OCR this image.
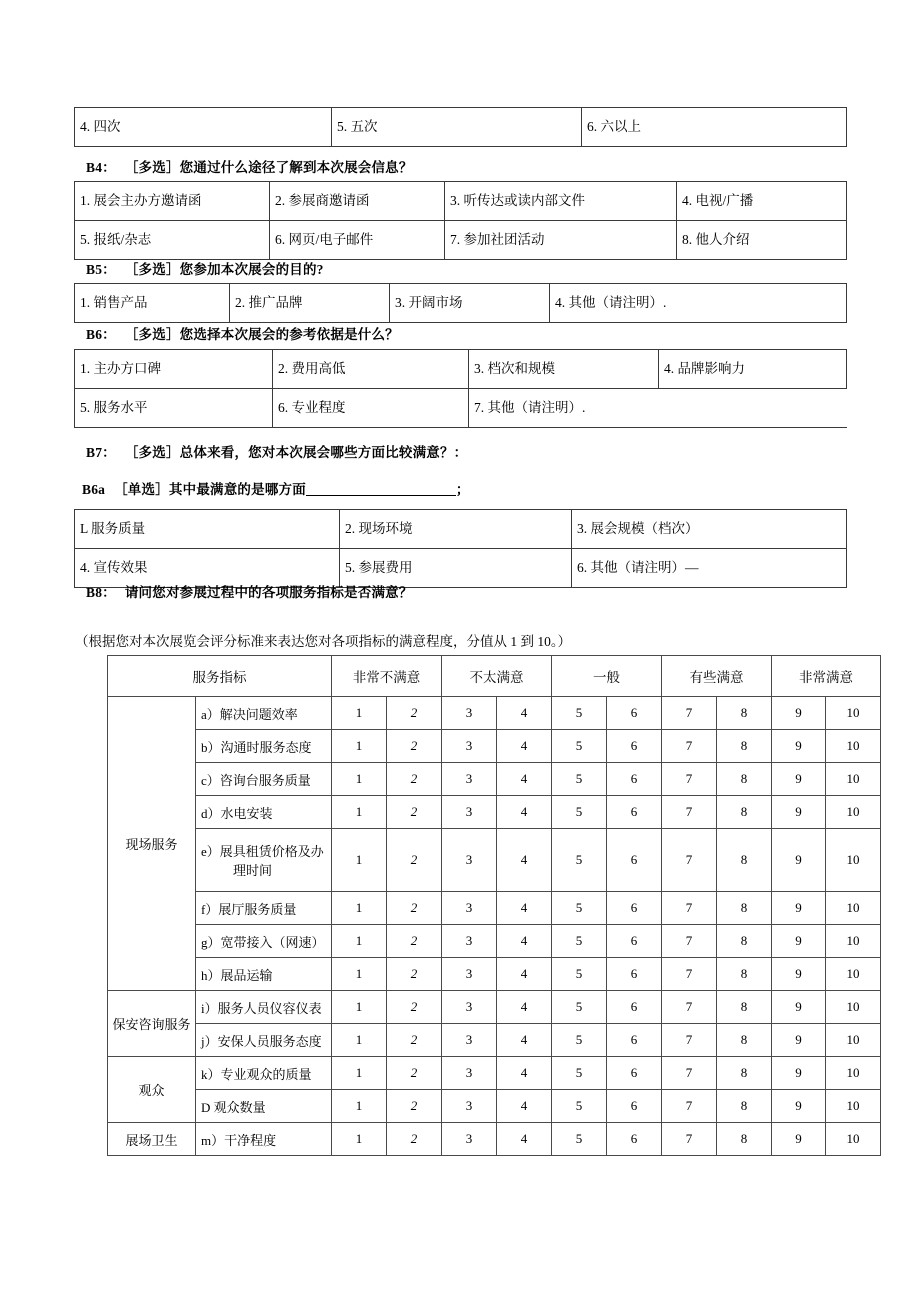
4. 四次	5. 五次	6. 六以上
B4： ［多选］您通过什么途径了解到本次展会信息？
1. 展会主办方邀请函	2. 参展商邀请函	3. 听传达或读内部文件	4. 电视/广播
5. 报纸/杂志	6. 网页/电子邮件	7. 参加社团活动	8. 他人介绍
B5： ［多选］您参加本次展会的目的?
1. 销售产品	2. 推广品牌	3. 开阔市场	4. 其他（请注明）.
B6： ［多选］您选择本次展会的参考依据是什么？
1. 主办方口碑	2. 费用高低	3. 档次和规模	4. 品牌影响力
5. 服务水平	6. 专业程度	7. 其他（请注明）.	
B7： ［多选］总体来看，您对本次展会哪些方面比较满意？：
B6a ［单选］其中最满意的是哪方面	；
L 服务质量	2. 现场环境	3. 展会规模（档次）
4. 宣传效果	5. 参展费用	6. 其他（请注明）—
B8： 请问您对参展过程中的各项服务指标是否满意？
（根据您对本次展览会评分标准来表达您对各项指标的满意程度，分值从 1 到 10。）
服务指标		非常不满意		不太满意		一般		有些满意		非常满意	
现场服务	a）解决问题效率	1	2	3	4	5	6	7	8	9	10
	b）沟通时服务态度	1	2	3	4	5	6	7	8	9	10
	c）咨询台服务质量	1	2	3	4	5	6	7	8	9	10
	d）水电安装	1	2	3	4	5	6	7	8	9	10
	e）展具租赁价格及办
理时间	1	2	3	4	5	6	7	8	9	10
	f）展厅服务质量	1	2	3	4	5	6	7	8	9	10
	g）宽带接入（网速）	1	2	3	4	5	6	7	8	9	10
	h）展品运输	1	2	3	4	5	6	7	8	9	10
保安咨询服务	i）服务人员仪容仪表	1	2	3	4	5	6	7	8	9	10
	j）安保人员服务态度	1	2	3	4	5	6	7	8	9	10
观众	k）专业观众的质量	1	2	3	4	5	6	7	8	9	10
	D 观众数量	1	2	3	4	5	6	7	8	9	10
展场卫生	m）干净程度	1	2	3	4	5	6	7	8	9	10
